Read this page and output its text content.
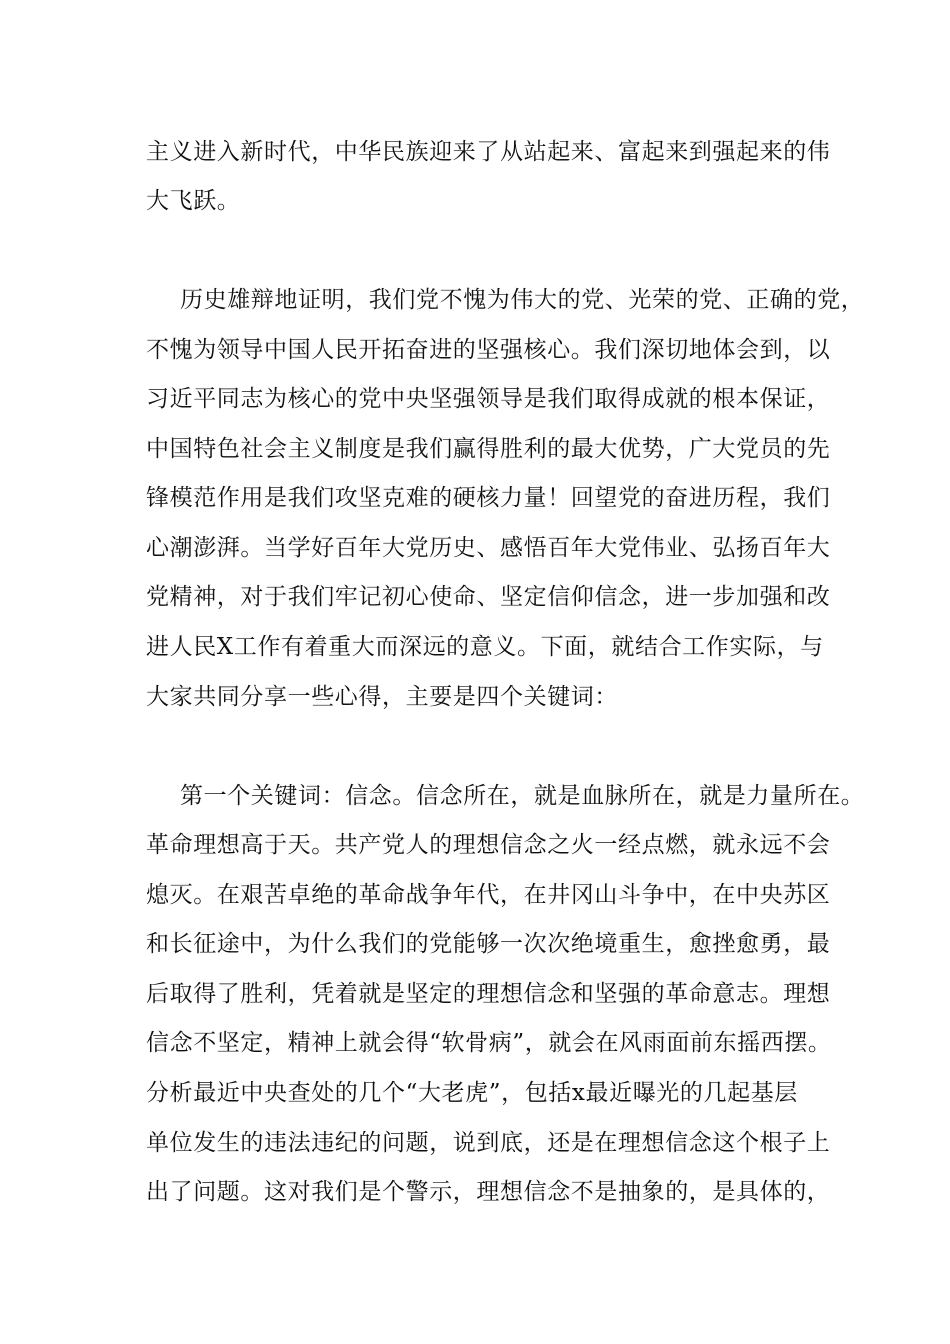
主义进入新时代，中华民族迎来了从站起来、富起来到强起来的伟
大飞跃。
历史雄辩地证明，我们党不愧为伟大的党、光荣的党、正确的党，
不愧为领导中国人民开拓奋进的坚强核心。我们深切地体会到，以
习近平同志为核心的党中央坚强领导是我们取得成就的根本保证，
中国特色社会主义制度是我们赢得胜利的最大优势，广大党员的先
锋模范作用是我们攻坚克难的硬核力量！回望党的奋进历程，我们
心潮澎湃。当学好百年大党历史、感悟百年大党伟业、弘扬百年大
党精神，对于我们牢记初心使命、坚定信仰信念，进一步加强和改
进人民X工作有着重大而深远的意义。下面，就结合工作实际，与
大家共同分享一些心得，主要是四个关键词：
第一个关键词：信念。信念所在，就是血脉所在，就是力量所在。
革命理想高于天。共产党人的理想信念之火一经点燃，就永远不会
熄灭。在艰苦卓绝的革命战争年代，在井冈山斗争中，在中央苏区
和长征途中，为什么我们的党能够一次次绝境重生，愈挫愈勇，最
后取得了胜利，凭着就是坚定的理想信念和坚强的革命意志。理想
信念不坚定，精神上就会得“软骨病”，就会在风雨面前东摇西摆。
分析最近中央查处的几个“大老虎”，包括x最近曝光的几起基层
单位发生的违法违纪的问题，说到底，还是在理想信念这个根子上
出了问题。这对我们是个警示，理想信念不是抽象的，是具体的，
